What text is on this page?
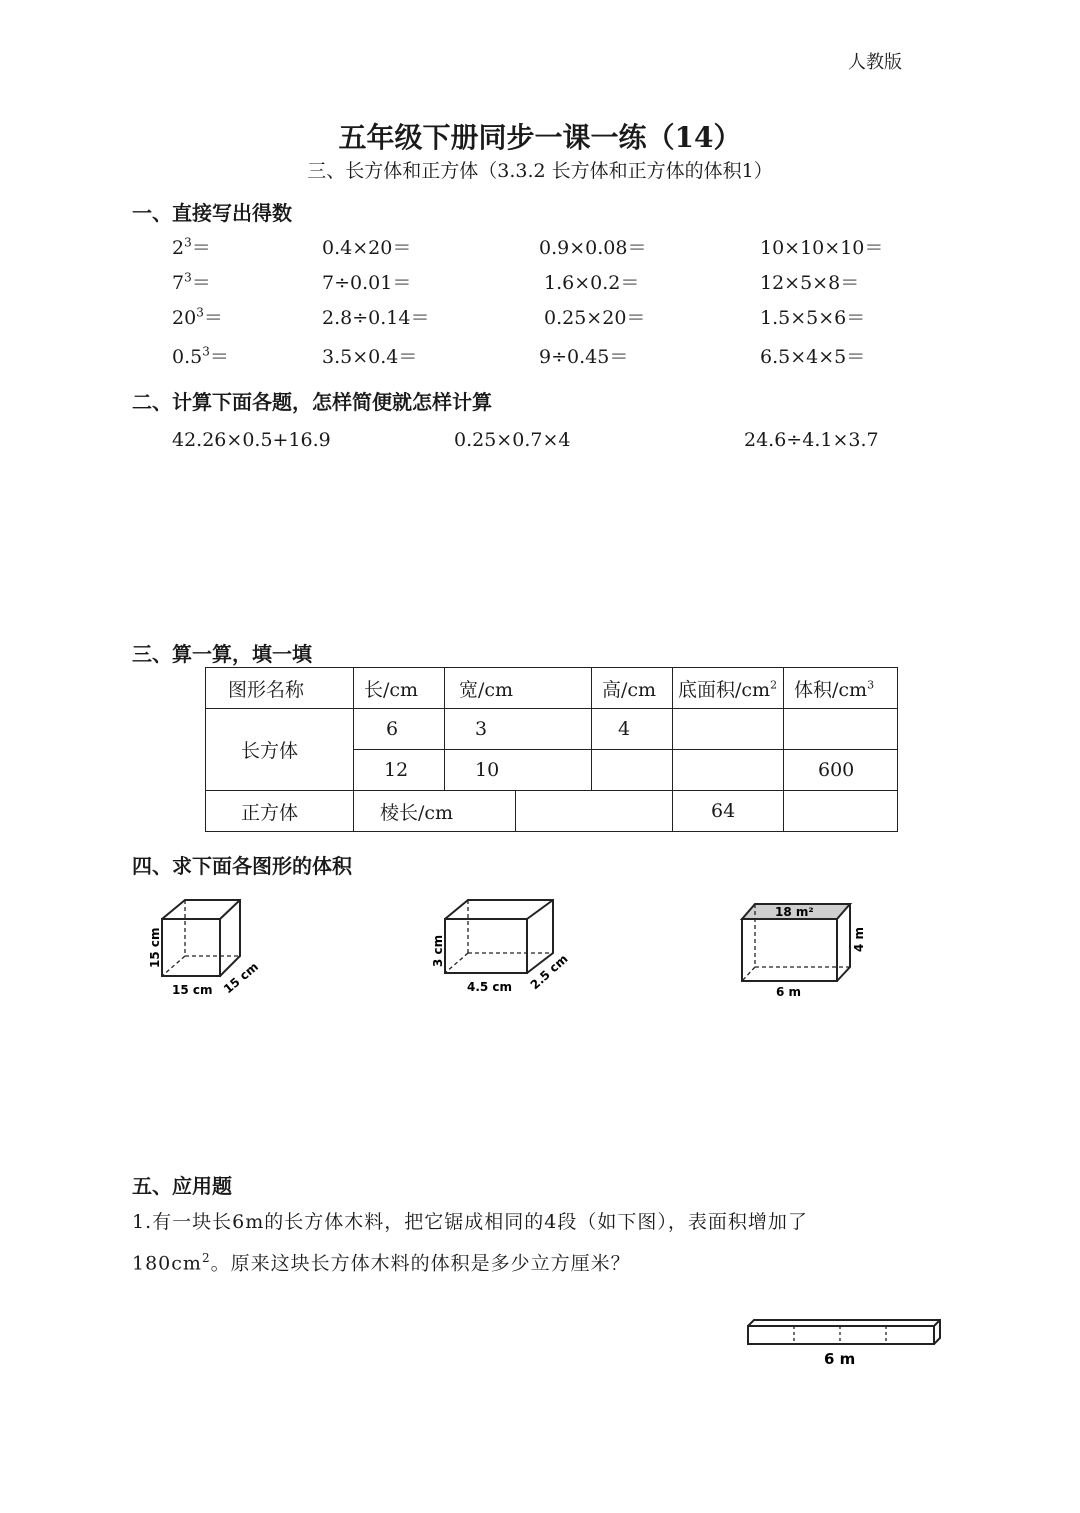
人教版
五年级下册同步一课一练（14）
三、长方体和正方体（3.3.2 长方体和正方体的体积1）
一、直接写出得数
$2^3=$	0.4×20＝	0.9×0.08＝	10×10×10＝
$7^3=$	7÷0.01＝	1.6×0.2＝	12×5×8＝
$20^3=$	2.8÷0.14＝	0.25×20＝	1.5×5×6＝
$0.5^3=$	3.5×0.4＝	9÷0.45＝	6.5×4×5＝
二、计算下面各题，怎样简便就怎样计算
42.26×0.5+16.9	0.25×0.7×4	24.6÷4.1×3.7
三、算一算，填一填
图形名称	长/cm	宽/cm		高/cm	底面积$/cm^2$	体积$/cm^3$
长方体	6	3		4		
	12	10				600
正方体	棱长/cm				64	
四、求下面各图形的体积
15 cm
15 cm 15 cm
3 cm
4.5 cm 2.5 cm
18 m²
4 m
6 m
五、应用题
1.有一块长6m的长方体木料，把它锯成相同的4段（如下图），表面积增加了
$180cm^2$。原来这块长方体木料的体积是多少立方厘米？
6 m
